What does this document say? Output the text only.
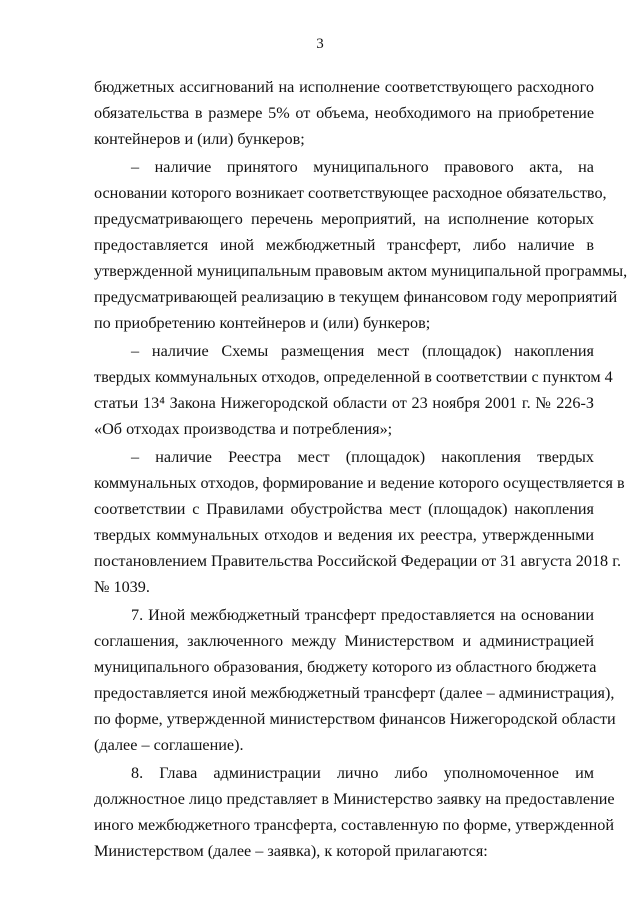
3
бюджетных ассигнований на исполнение соответствующего расходного
обязательства в размере 5% от объема, необходимого на приобретение
контейнеров и (или) бункеров;
– наличие принятого муниципального правового акта, на
основании которого возникает соответствующее расходное обязательство,
предусматривающего перечень мероприятий, на исполнение которых
предоставляется иной межбюджетный трансферт, либо наличие в
утвержденной муниципальным правовым актом муниципальной программы,
предусматривающей реализацию в текущем финансовом году мероприятий
по приобретению контейнеров и (или) бункеров;
– наличие Схемы размещения мест (площадок) накопления
твердых коммунальных отходов, определенной в соответствии с пунктом 4
статьи 13⁴ Закона Нижегородской области от 23 ноября 2001 г. № 226-З
«Об отходах производства и потребления»;
– наличие Реестра мест (площадок) накопления твердых
коммунальных отходов, формирование и ведение которого осуществляется в
соответствии с Правилами обустройства мест (площадок) накопления
твердых коммунальных отходов и ведения их реестра, утвержденными
постановлением Правительства Российской Федерации от 31 августа 2018 г.
№ 1039.
7. Иной межбюджетный трансферт предоставляется на основании
соглашения, заключенного между Министерством и администрацией
муниципального образования, бюджету которого из областного бюджета
предоставляется иной межбюджетный трансферт (далее – администрация),
по форме, утвержденной министерством финансов Нижегородской области
(далее – соглашение).
8. Глава администрации лично либо уполномоченное им
должностное лицо представляет в Министерство заявку на предоставление
иного межбюджетного трансферта, составленную по форме, утвержденной
Министерством (далее – заявка), к которой прилагаются:
